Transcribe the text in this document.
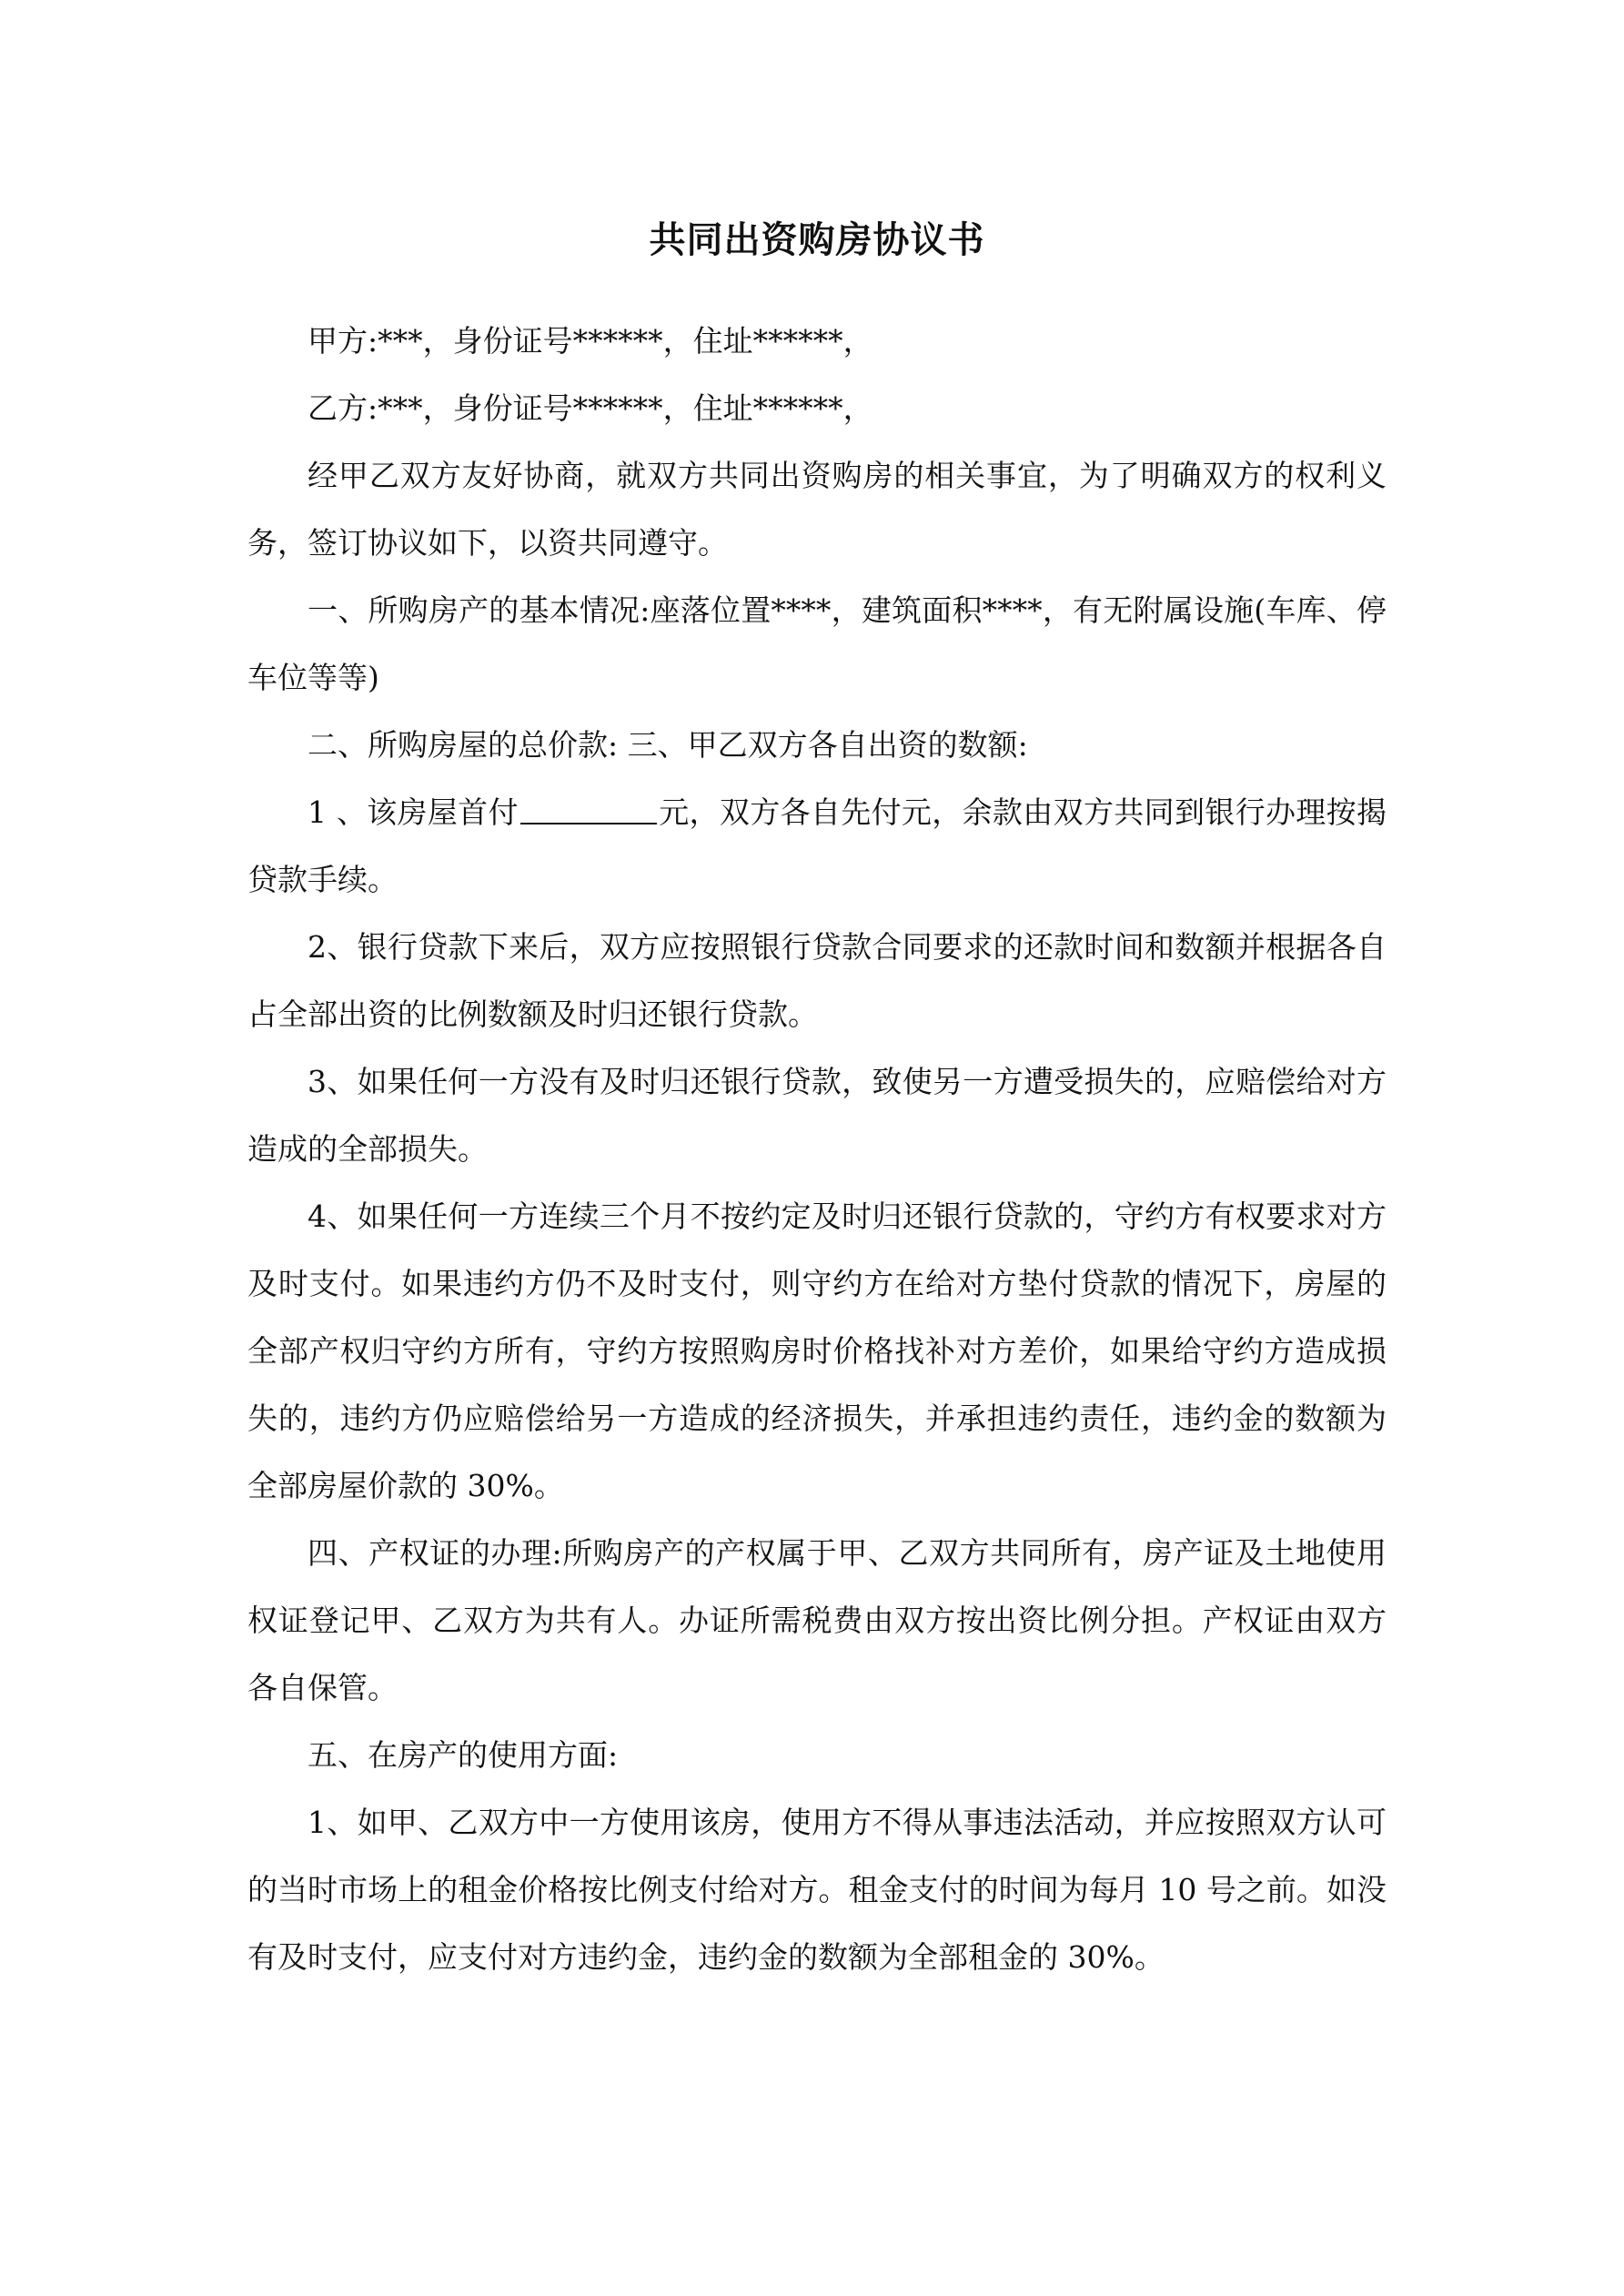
共同出资购房协议书

甲方:***，身份证号******，住址******，

乙方:***，身份证号******，住址******，

经甲乙双方友好协商，就双方共同出资购房的相关事宜，为了明确双方的权利义务，签订协议如下，以资共同遵守。

一、所购房产的基本情况:座落位置****，建筑面积****，有无附属设施(车库、停车位等等)

二、所购房屋的总价款: 三、甲乙双方各自出资的数额:

1 、该房屋首付	元，双方各自先付元，余款由双方共同到银行办理按揭贷款手续。

2、银行贷款下来后，双方应按照银行贷款合同要求的还款时间和数额并根据各自占全部出资的比例数额及时归还银行贷款。

3、如果任何一方没有及时归还银行贷款，致使另一方遭受损失的，应赔偿给对方造成的全部损失。

4、如果任何一方连续三个月不按约定及时归还银行贷款的，守约方有权要求对方及时支付。如果违约方仍不及时支付，则守约方在给对方垫付贷款的情况下，房屋的全部产权归守约方所有，守约方按照购房时价格找补对方差价，如果给守约方造成损失的，违约方仍应赔偿给另一方造成的经济损失，并承担违约责任，违约金的数额为全部房屋价款的 30%。

四、产权证的办理:所购房产的产权属于甲、乙双方共同所有，房产证及土地使用权证登记甲、乙双方为共有人。办证所需税费由双方按出资比例分担。产权证由双方各自保管。

五、在房产的使用方面:

1、如甲、乙双方中一方使用该房，使用方不得从事违法活动，并应按照双方认可的当时市场上的租金价格按比例支付给对方。租金支付的时间为每月 10 号之前。如没有及时支付，应支付对方违约金，违约金的数额为全部租金的 30%。
